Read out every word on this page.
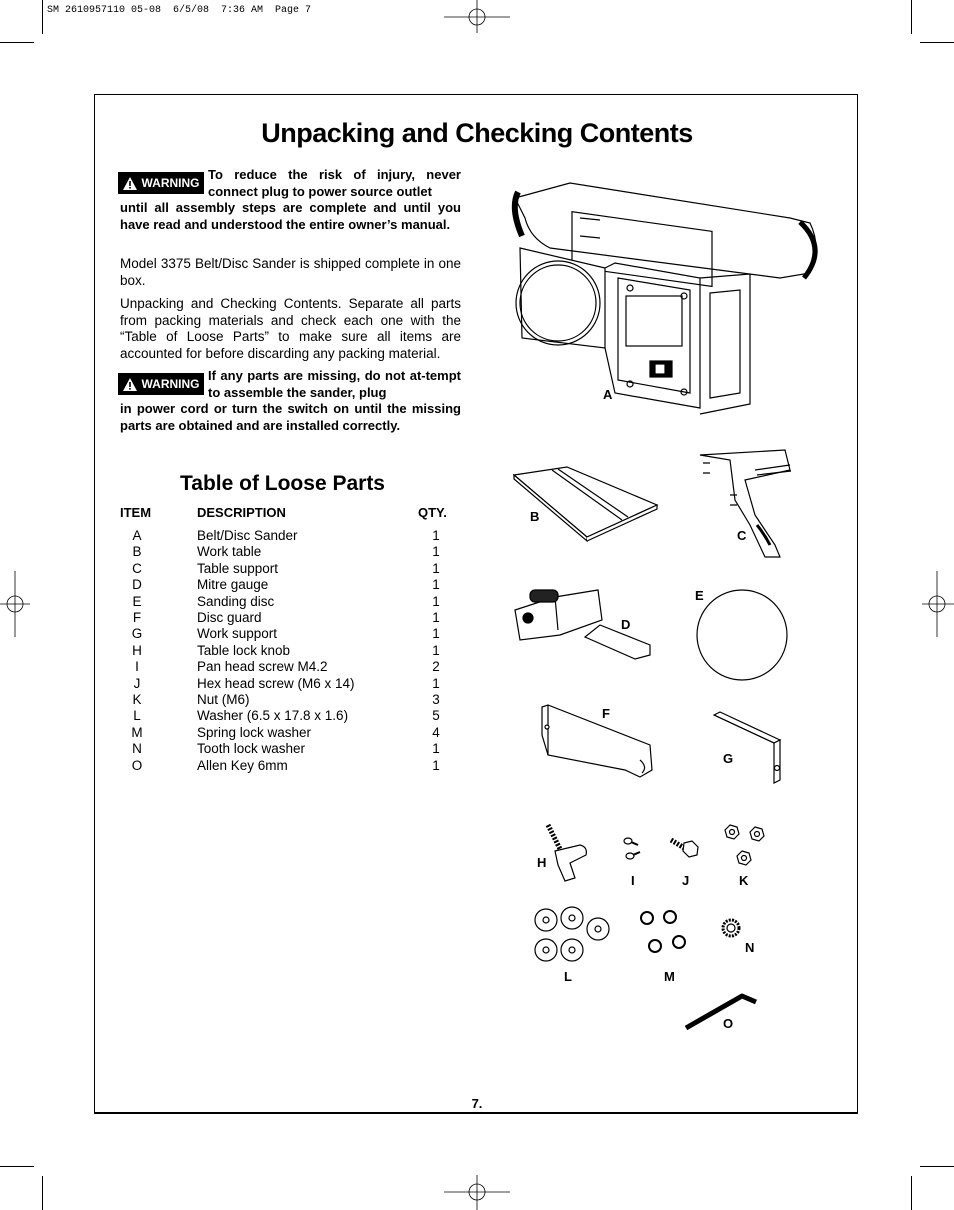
SM 2610957110 05-08  6/5/08  7:36 AM  Page 7
Unpacking and Checking Contents
WARNING
To reduce the risk of injury, never connect plug to power source outlet
until all assembly steps are complete and until you have read and understood the entire owner’s manual.
Model 3375 Belt/Disc Sander is shipped complete in one box.
Unpacking and Checking Contents. Separate all parts from packing materials and check each one with the “Table of Loose Parts” to make sure all items are accounted for before discarding any packing material.
WARNING
If any parts are missing, do not at-tempt to assemble the sander, plug
in power cord or turn the switch on until the missing parts are obtained and are installed correctly.
Table of Loose Parts
ITEM	DESCRIPTION	QTY.
A	Belt/Disc Sander	1
B	Work table	1
C	Table support	1
D	Mitre gauge	1
E	Sanding disc	1
F	Disc guard	1
G	Work support	1
H	Table lock knob	1
I	Pan head screw M4.2	2
J	Hex head screw (M6 x 14)	1
K	Nut (M6)	3
L	Washer (6.5 x 17.8 x 1.6)	5
M	Spring lock washer	4
N	Tooth lock washer	1
O	Allen Key 6mm	1
A
B
C
D
E
F
G
H
I	J	K
L	M
N
O
7.
